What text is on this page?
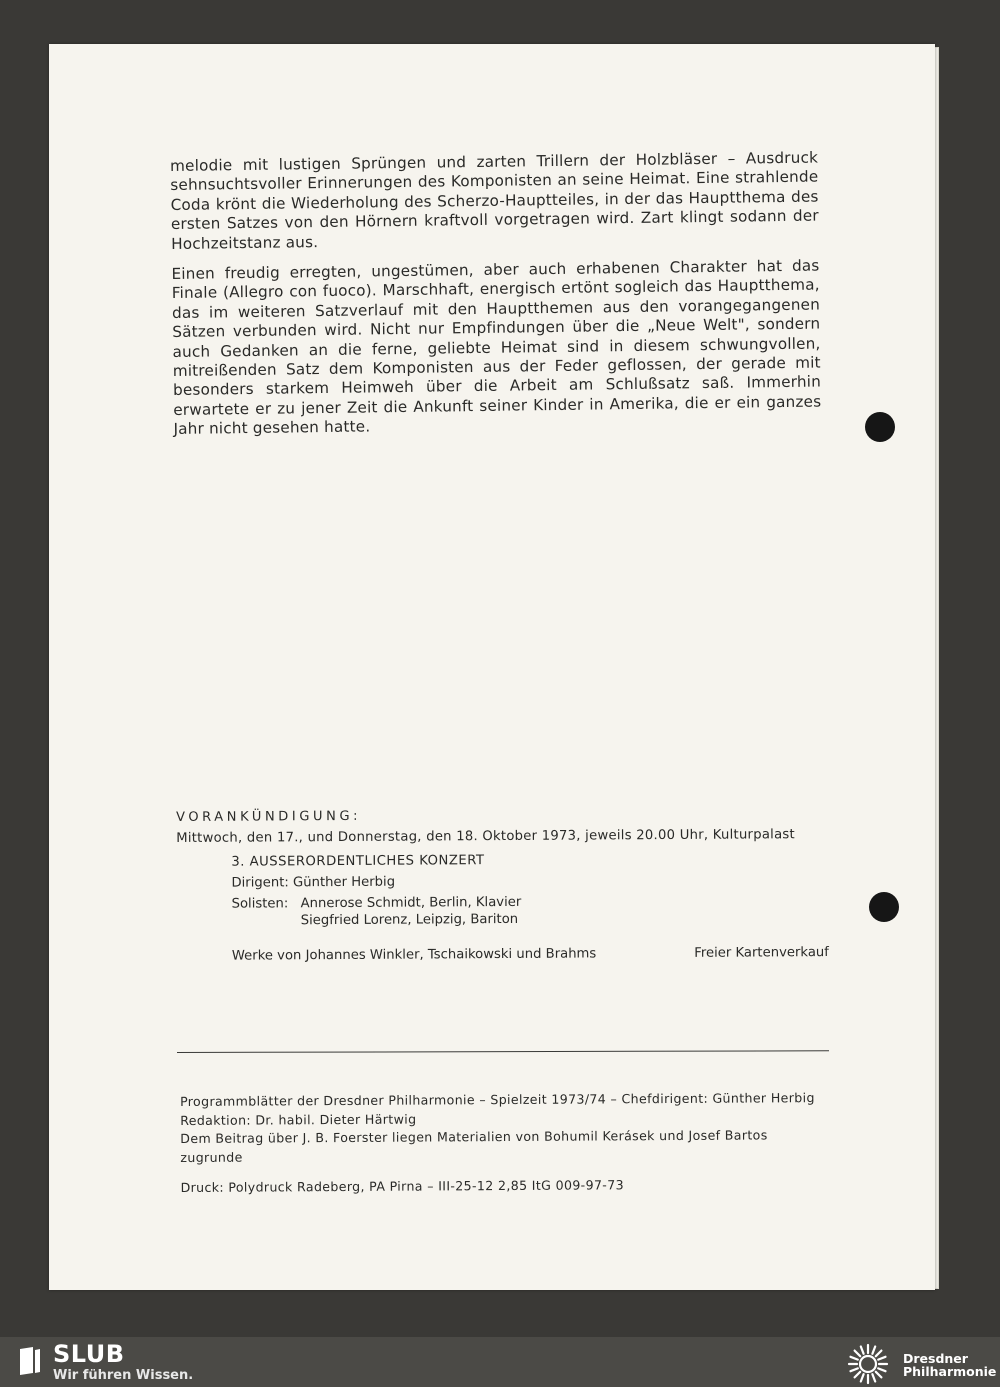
melodie mit lustigen Sprüngen und zarten Trillern der Holzbläser – Ausdruck sehnsuchtsvoller Erinnerungen des Komponisten an seine Heimat. Eine strahlende Coda krönt die Wiederholung des Scherzo-Hauptteiles, in der das Hauptthema des ersten Satzes von den Hörnern kraftvoll vorgetragen wird. Zart klingt sodann der Hochzeitstanz aus.

Einen freudig erregten, ungestümen, aber auch erhabenen Charakter hat das Finale (Allegro con fuoco). Marschhaft, energisch ertönt sogleich das Hauptthema, das im weiteren Satzverlauf mit den Hauptthemen aus den vorangegangenen Sätzen verbunden wird. Nicht nur Empfindungen über die „Neue Welt", sondern auch Gedanken an die ferne, geliebte Heimat sind in diesem schwungvollen, mitreißenden Satz dem Komponisten aus der Feder geflossen, der gerade mit besonders starkem Heimweh über die Arbeit am Schlußsatz saß. Immerhin erwartete er zu jener Zeit die Ankunft seiner Kinder in Amerika, die er ein ganzes Jahr nicht gesehen hatte.

VORANKÜNDIGUNG:
Mittwoch, den 17., und Donnerstag, den 18. Oktober 1973, jeweils 20.00 Uhr, Kulturpalast
3. AUSSERORDENTLICHES KONZERT
Dirigent: Günther Herbig
Solisten: Annerose Schmidt, Berlin, Klavier
Siegfried Lorenz, Leipzig, Bariton
Werke von Johannes Winkler, Tschaikowski und Brahms	Freier Kartenverkauf
Programmblätter der Dresdner Philharmonie – Spielzeit 1973/74 – Chefdirigent: Günther Herbig
Redaktion: Dr. habil. Dieter Härtwig
Dem Beitrag über J. B. Foerster liegen Materialien von Bohumil Kerásek und Josef Bartos zugrunde
Druck: Polydruck Radeberg, PA Pirna – III-25-12 2,85 ItG 009-97-73
SLUB
Wir führen Wissen.
Dresdner
Philharmonie
